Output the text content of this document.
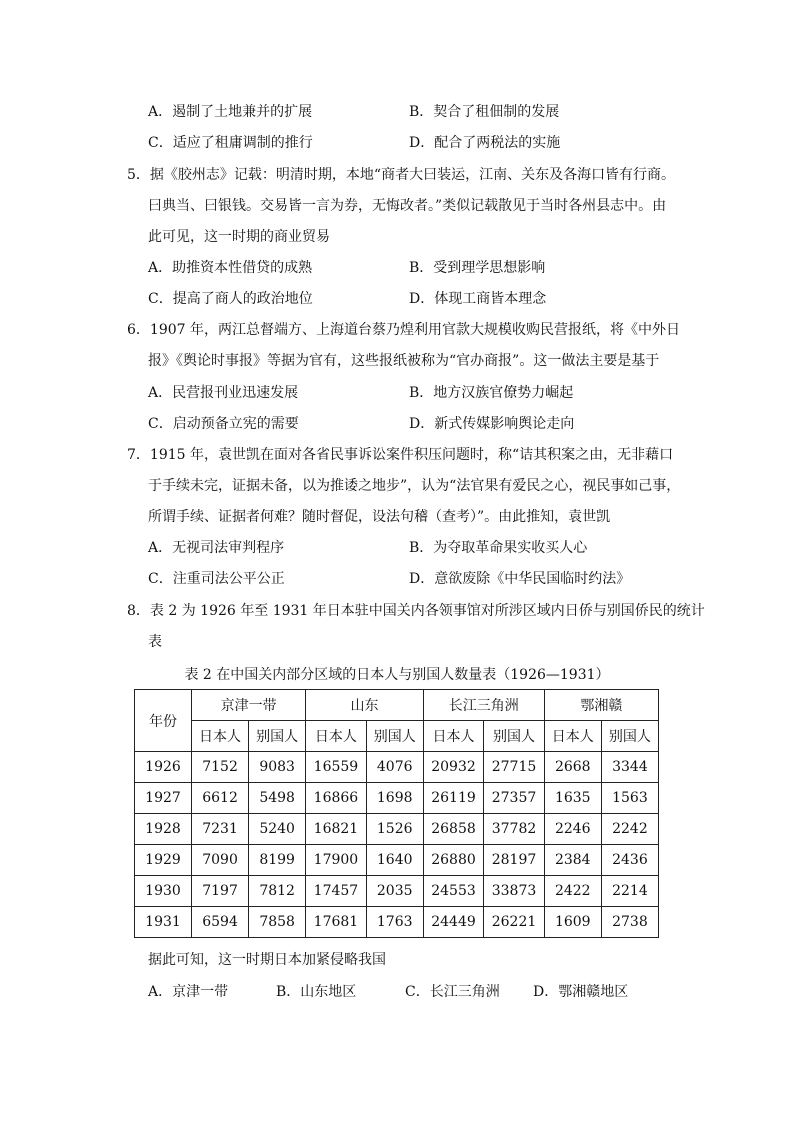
A．遏制了土地兼并的扩展	B．契合了租佃制的发展
C．适应了租庸调制的推行	D．配合了两税法的实施
5．据《胶州志》记载：明清时期，本地“商者大曰装运，江南、关东及各海口皆有行商。
曰典当、曰银钱。交易皆一言为券，无悔改者。”类似记载散见于当时各州县志中。由
此可见，这一时期的商业贸易
A．助推资本性借贷的成熟	B．受到理学思想影响
C．提高了商人的政治地位	D．体现工商皆本理念
6．1907 年，两江总督端方、上海道台蔡乃煌利用官款大规模收购民营报纸，将《中外日
报》《舆论时事报》等据为官有，这些报纸被称为“官办商报”。这一做法主要是基于
A．民营报刊业迅速发展	B．地方汉族官僚势力崛起
C．启动预备立宪的需要	D．新式传媒影响舆论走向
7．1915 年，袁世凯在面对各省民事诉讼案件积压问题时，称“诘其积案之由，无非藉口
于手续未完，证据未备，以为推诿之地步”，认为“法官果有爱民之心，视民事如己事，
所谓手续、证据者何难？随时督促，设法句稽（查考）”。由此推知，袁世凯
A．无视司法审判程序	B．为夺取革命果实收买人心
C．注重司法公平公正	D．意欲废除《中华民国临时约法》
8．表 2 为 1926 年至 1931 年日本驻中国关内各领事馆对所涉区域内日侨与别国侨民的统计
表
表 2 在中国关内部分区域的日本人与别国人数量表（1926—1931）
年份	京津一带		山东		长江三角洲		鄂湘赣	
	日本人	别国人	日本人	别国人	日本人	别国人	日本人	别国人
1926	7152	9083	16559	4076	20932	27715	2668	3344
1927	6612	5498	16866	1698	26119	27357	1635	1563
1928	7231	5240	16821	1526	26858	37782	2246	2242
1929	7090	8199	17900	1640	26880	28197	2384	2436
1930	7197	7812	17457	2035	24553	33873	2422	2214
1931	6594	7858	17681	1763	24449	26221	1609	2738
据此可知，这一时期日本加紧侵略我国
A．京津一带	B．山东地区	C．长江三角洲 D．鄂湘赣地区
